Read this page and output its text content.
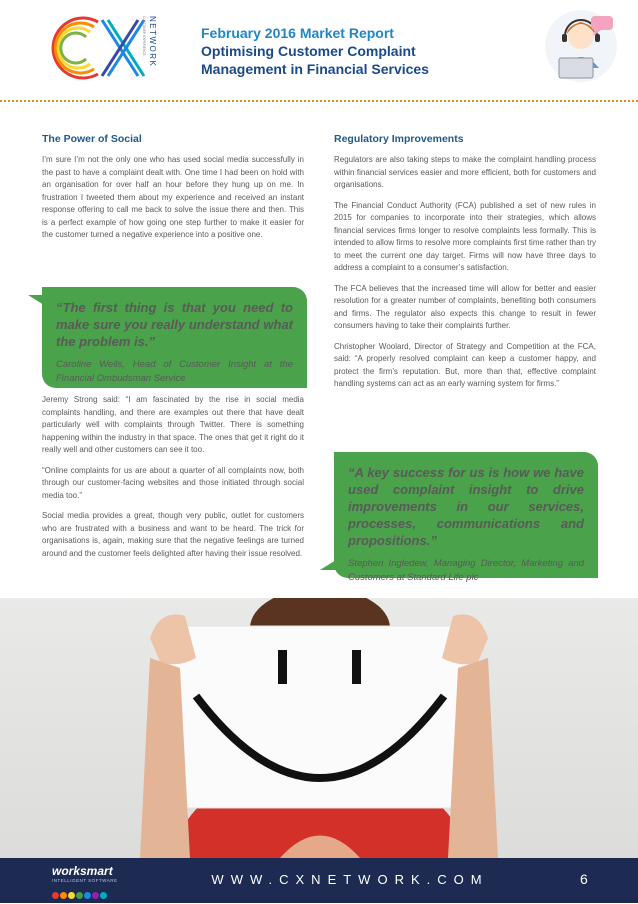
NETWORK
CUSTOMER EXPERIENCE	February 2016 Market Report
Optimising Customer Complaint
Management in Financial Services
The Power of Social

I’m sure I’m not the only one who has used social media successfully in the past to have a complaint dealt with. One time I had been on hold with an organisation for over half an hour before they hung up on me. In frustration I tweeted them about my experience and received an instant response offering to call me back to solve the issue there and then. This is a perfect example of how going one step further to make it easier for the customer turned a negative experience into a positive one.

“The first thing is that you need to make sure you really understand what the problem is.”

Caroline Wells, Head of Customer Insight at the Financial Ombudsman Service

Jeremy Strong said: “I am fascinated by the rise in social media complaints handling, and there are examples out there that have dealt particularly well with complaints through Twitter. There is something happening within the industry in that space. The ones that get it right do it really well and other customers can see it too.

“Online complaints for us are about a quarter of all complaints now, both through our customer-facing websites and those initiated through social media too.”

Social media provides a great, though very public, outlet for customers who are frustrated with a business and want to be heard. The trick for organisations is, again, making sure that the negative feelings are turned around and the customer feels delighted after having their issue resolved.

Regulatory Improvements

Regulators are also taking steps to make the complaint handling process within financial services easier and more efficient, both for customers and organisations.

The Financial Conduct Authority (FCA) published a set of new rules in 2015 for companies to incorporate into their strategies, which allows financial services firms longer to resolve complaints less formally. This is intended to allow firms to resolve more complaints first time rather than try to meet the current one day target. Firms will now have three days to address a complaint to a consumer’s satisfaction.

The FCA believes that the increased time will allow for better and easier resolution for a greater number of complaints, benefiting both consumers and firms. The regulator also expects this change to result in fewer consumers having to take their complaints further.

Christopher Woolard, Director of Strategy and Competition at the FCA, said: “A properly resolved complaint can keep a customer happy, and protect the firm’s reputation. But, more than that, effective complaint handling systems can act as an early warning system for firms.”

“A key success for us is how we have used complaint insight to drive improvements in our services, processes, communications and propositions.”

Stephen Ingledew, Managing Director, Marketing and Customers at Standard Life plc

worksmart
INTELLIGENT SOFTWARE	WWW.CXNETWORK.COM	6
